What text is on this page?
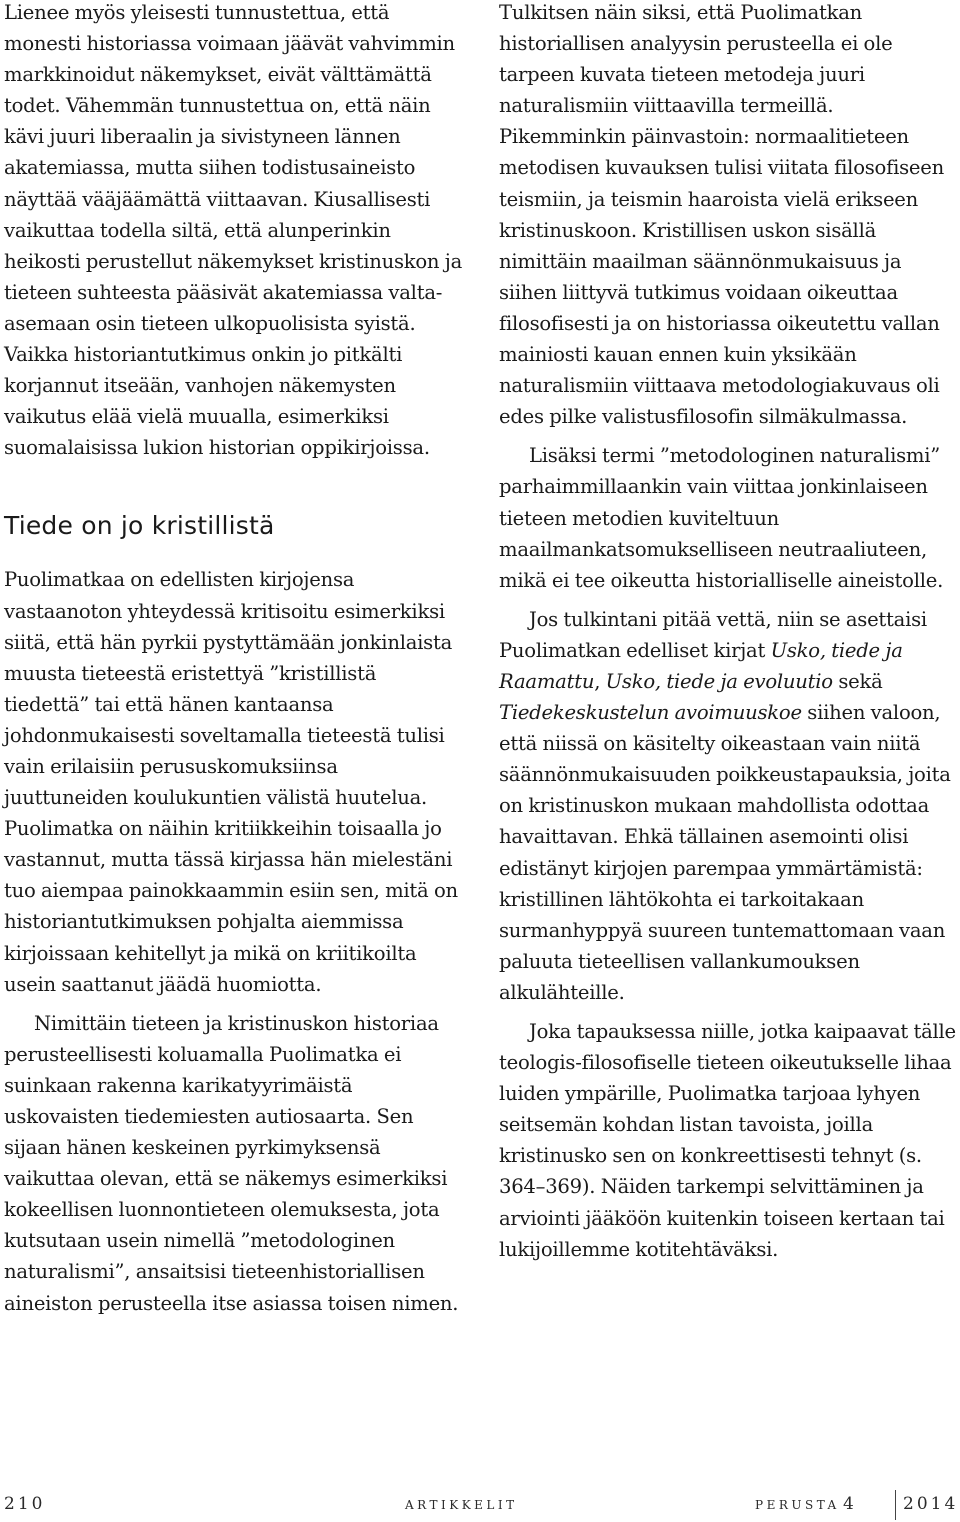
Lienee myös yleisesti tunnustettua, että monesti historiassa voimaan jäävät vahvimmin markkinoidut näkemykset, eivät välttämättä todet. Vähemmän tunnustettua on, että näin kävi juuri liberaalin ja sivistyneen lännen akatemiassa, mutta siihen todistusaineisto näyttää vääjäämättä viittaavan. Kiusallisesti vaikuttaa todella siltä, että alunperinkin heikosti perustellut näkemykset kristinuskon ja tieteen suhteesta pääsivät akatemiassa valta-asemaan osin tieteen ulkopuolisista syistä. Vaikka historiantutkimus onkin jo pitkälti korjannut itseään, vanhojen näkemysten vaikutus elää vielä muualla, esimerkiksi suomalaisissa lukion historian oppikirjoissa.

Tiede on jo kristillistä

Puolimatkaa on edellisten kirjojensa vastaanoton yhteydessä kritisoitu esimerkiksi siitä, että hän pyrkii pystyttämään jonkinlaista muusta tieteestä eristettyä ”kristillistä tiedettä” tai että hänen kantaansa johdonmukaisesti soveltamalla tieteestä tulisi vain erilaisiin perususkomuksiinsa juuttuneiden koulukuntien välistä huutelua. Puolimatka on näihin kritiikkeihin toisaalla jo vastannut, mutta tässä kirjassa hän mielestäni tuo aiempaa painokkaammin esiin sen, mitä on historiantutkimuksen pohjalta aiemmissa kirjoissaan kehitellyt ja mikä on kriitikoilta usein saattanut jäädä huomiotta.

Nimittäin tieteen ja kristinuskon historiaa perusteellisesti koluamalla Puolimatka ei suinkaan rakenna karikatyyrimäistä uskovaisten tiedemiesten autiosaarta. Sen sijaan hänen keskeinen pyrkimyksensä vaikuttaa olevan, että se näkemys esimerkiksi kokeellisen luonnontieteen olemuksesta, jota kutsutaan usein nimellä ”metodologinen naturalismi”, ansaitsisi tieteenhistoriallisen aineiston perusteella itse asiassa toisen nimen.

Tulkitsen näin siksi, että Puolimatkan historiallisen analyysin perusteella ei ole tarpeen kuvata tieteen metodeja juuri naturalismiin viittaavilla termeillä. Pikemminkin päinvastoin: normaalitieteen metodisen kuvauksen tulisi viitata filosofiseen teismiin, ja teismin haaroista vielä erikseen kristinuskoon. Kristillisen uskon sisällä nimittäin maailman säännönmukaisuus ja siihen liittyvä tutkimus voidaan oikeuttaa filosofisesti ja on historiassa oikeutettu vallan mainiosti kauan ennen kuin yksikään naturalismiin viittaava metodologiakuvaus oli edes pilke valistusfilosofin silmäkulmassa.

Lisäksi termi ”metodologinen naturalismi” parhaimmillaankin vain viittaa jonkinlaiseen tieteen metodien kuviteltuun maailmankatsomukselliseen neutraaliuteen, mikä ei tee oikeutta historialliselle aineistolle.

Jos tulkintani pitää vettä, niin se asettaisi Puolimatkan edelliset kirjat Usko, tiede ja Raamattu, Usko, tiede ja evoluutio sekä Tiedekeskustelun avoimuuskoe siihen valoon, että niissä on käsitelty oikeastaan vain niitä säännönmukaisuuden poikkeustapauksia, joita on kristinuskon mukaan mahdollista odottaa havaittavan. Ehkä tällainen asemointi olisi edistänyt kirjojen parempaa ymmärtämistä: kristillinen lähtökohta ei tarkoitakaan surmanhyppyä suureen tuntemattomaan vaan paluuta tieteellisen vallankumouksen alkulähteille.

Joka tapauksessa niille, jotka kaipaavat tälle teologis-filosofiselle tieteen oikeutukselle lihaa luiden ympärille, Puolimatka tarjoaa lyhyen seitsemän kohdan listan tavoista, joilla kristinusko sen on konkreettisesti tehnyt (s. 364–369). Näiden tarkempi selvittäminen ja arviointi jääköön kuitenkin toiseen kertaan tai lukijoillemme kotitehtäväksi.

210	artikkelit	perusta 4	2014
